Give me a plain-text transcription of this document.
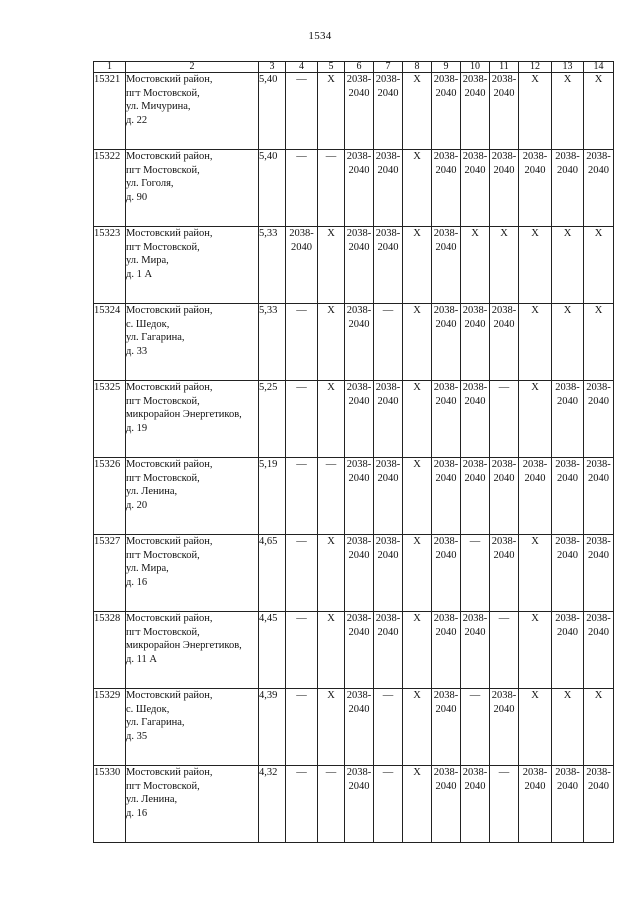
1534
1	2	3	4	5	6	7	8	9	10	11	12	13	14
15321	Мостовский район,
пгт Мостовской,
ул. Мичурина,
д. 22	5,40	—	X	2038-
2040	2038-
2040	X	2038-
2040	2038-
2040	2038-
2040	X	X	X
15322	Мостовский район,
пгт Мостовской,
ул. Гоголя,
д. 90	5,40	—	—	2038-
2040	2038-
2040	X	2038-
2040	2038-
2040	2038-
2040	2038-
2040	2038-
2040	2038-
2040
15323	Мостовский район,
пгт Мостовской,
ул. Мира,
д. 1 А	5,33	2038-
2040	X	2038-
2040	2038-
2040	X	2038-
2040	X	X	X	X	X
15324	Мостовский район,
с. Шедок,
ул. Гагарина,
д. 33	5,33	—	X	2038-
2040	—	X	2038-
2040	2038-
2040	2038-
2040	X	X	X
15325	Мостовский район,
пгт Мостовской,
микрорайон Энергетиков,
д. 19	5,25	—	X	2038-
2040	2038-
2040	X	2038-
2040	2038-
2040	—	X	2038-
2040	2038-
2040
15326	Мостовский район,
пгт Мостовской,
ул. Ленина,
д. 20	5,19	—	—	2038-
2040	2038-
2040	X	2038-
2040	2038-
2040	2038-
2040	2038-
2040	2038-
2040	2038-
2040
15327	Мостовский район,
пгт Мостовской,
ул. Мира,
д. 16	4,65	—	X	2038-
2040	2038-
2040	X	2038-
2040	—	2038-
2040	X	2038-
2040	2038-
2040
15328	Мостовский район,
пгт Мостовской,
микрорайон Энергетиков,
д. 11 А	4,45	—	X	2038-
2040	2038-
2040	X	2038-
2040	2038-
2040	—	X	2038-
2040	2038-
2040
15329	Мостовский район,
с. Шедок,
ул. Гагарина,
д. 35	4,39	—	X	2038-
2040	—	X	2038-
2040	—	2038-
2040	X	X	X
15330	Мостовский район,
пгт Мостовской,
ул. Ленина,
д. 16	4,32	—	—	2038-
2040	—	X	2038-
2040	2038-
2040	—	2038-
2040	2038-
2040	2038-
2040
